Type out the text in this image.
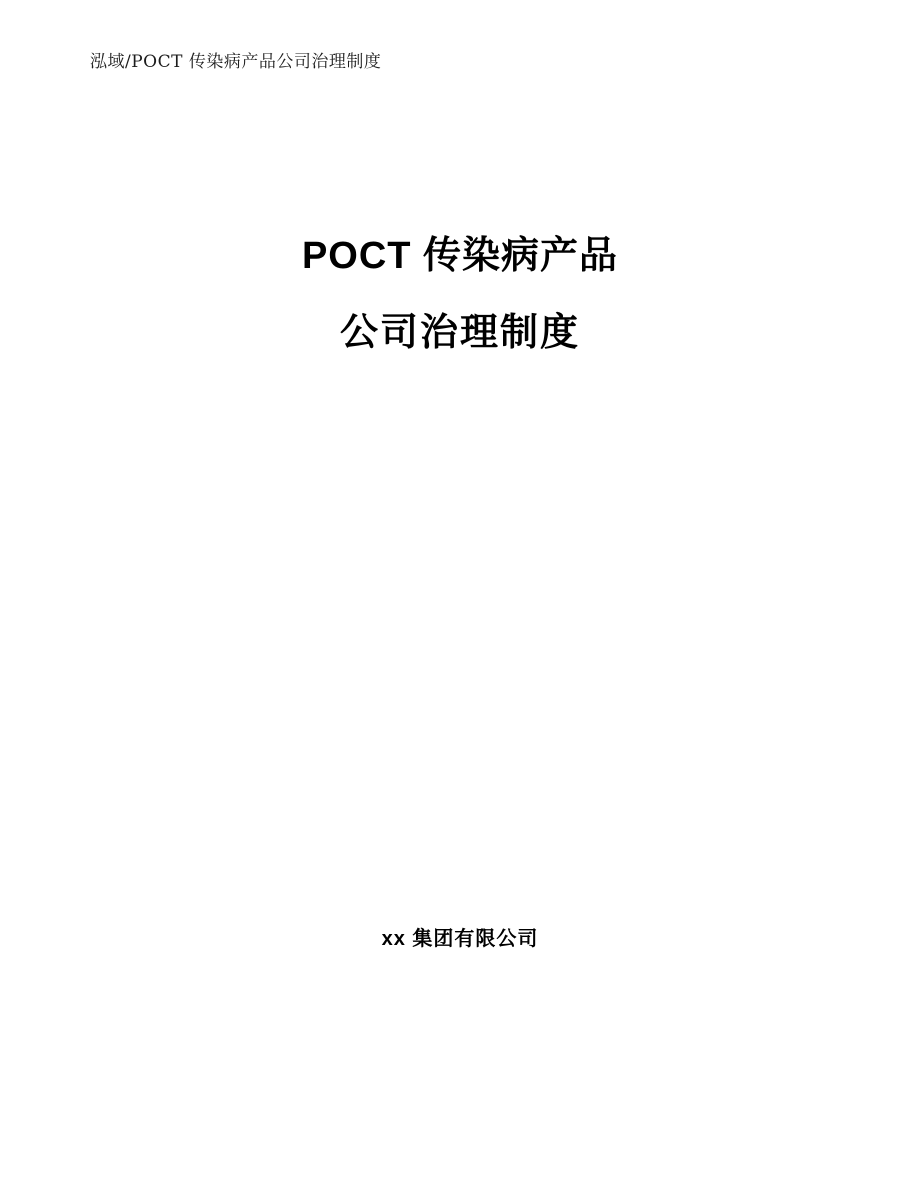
泓域/POCT 传染病产品公司治理制度
POCT 传染病产品
公司治理制度
xx 集团有限公司
